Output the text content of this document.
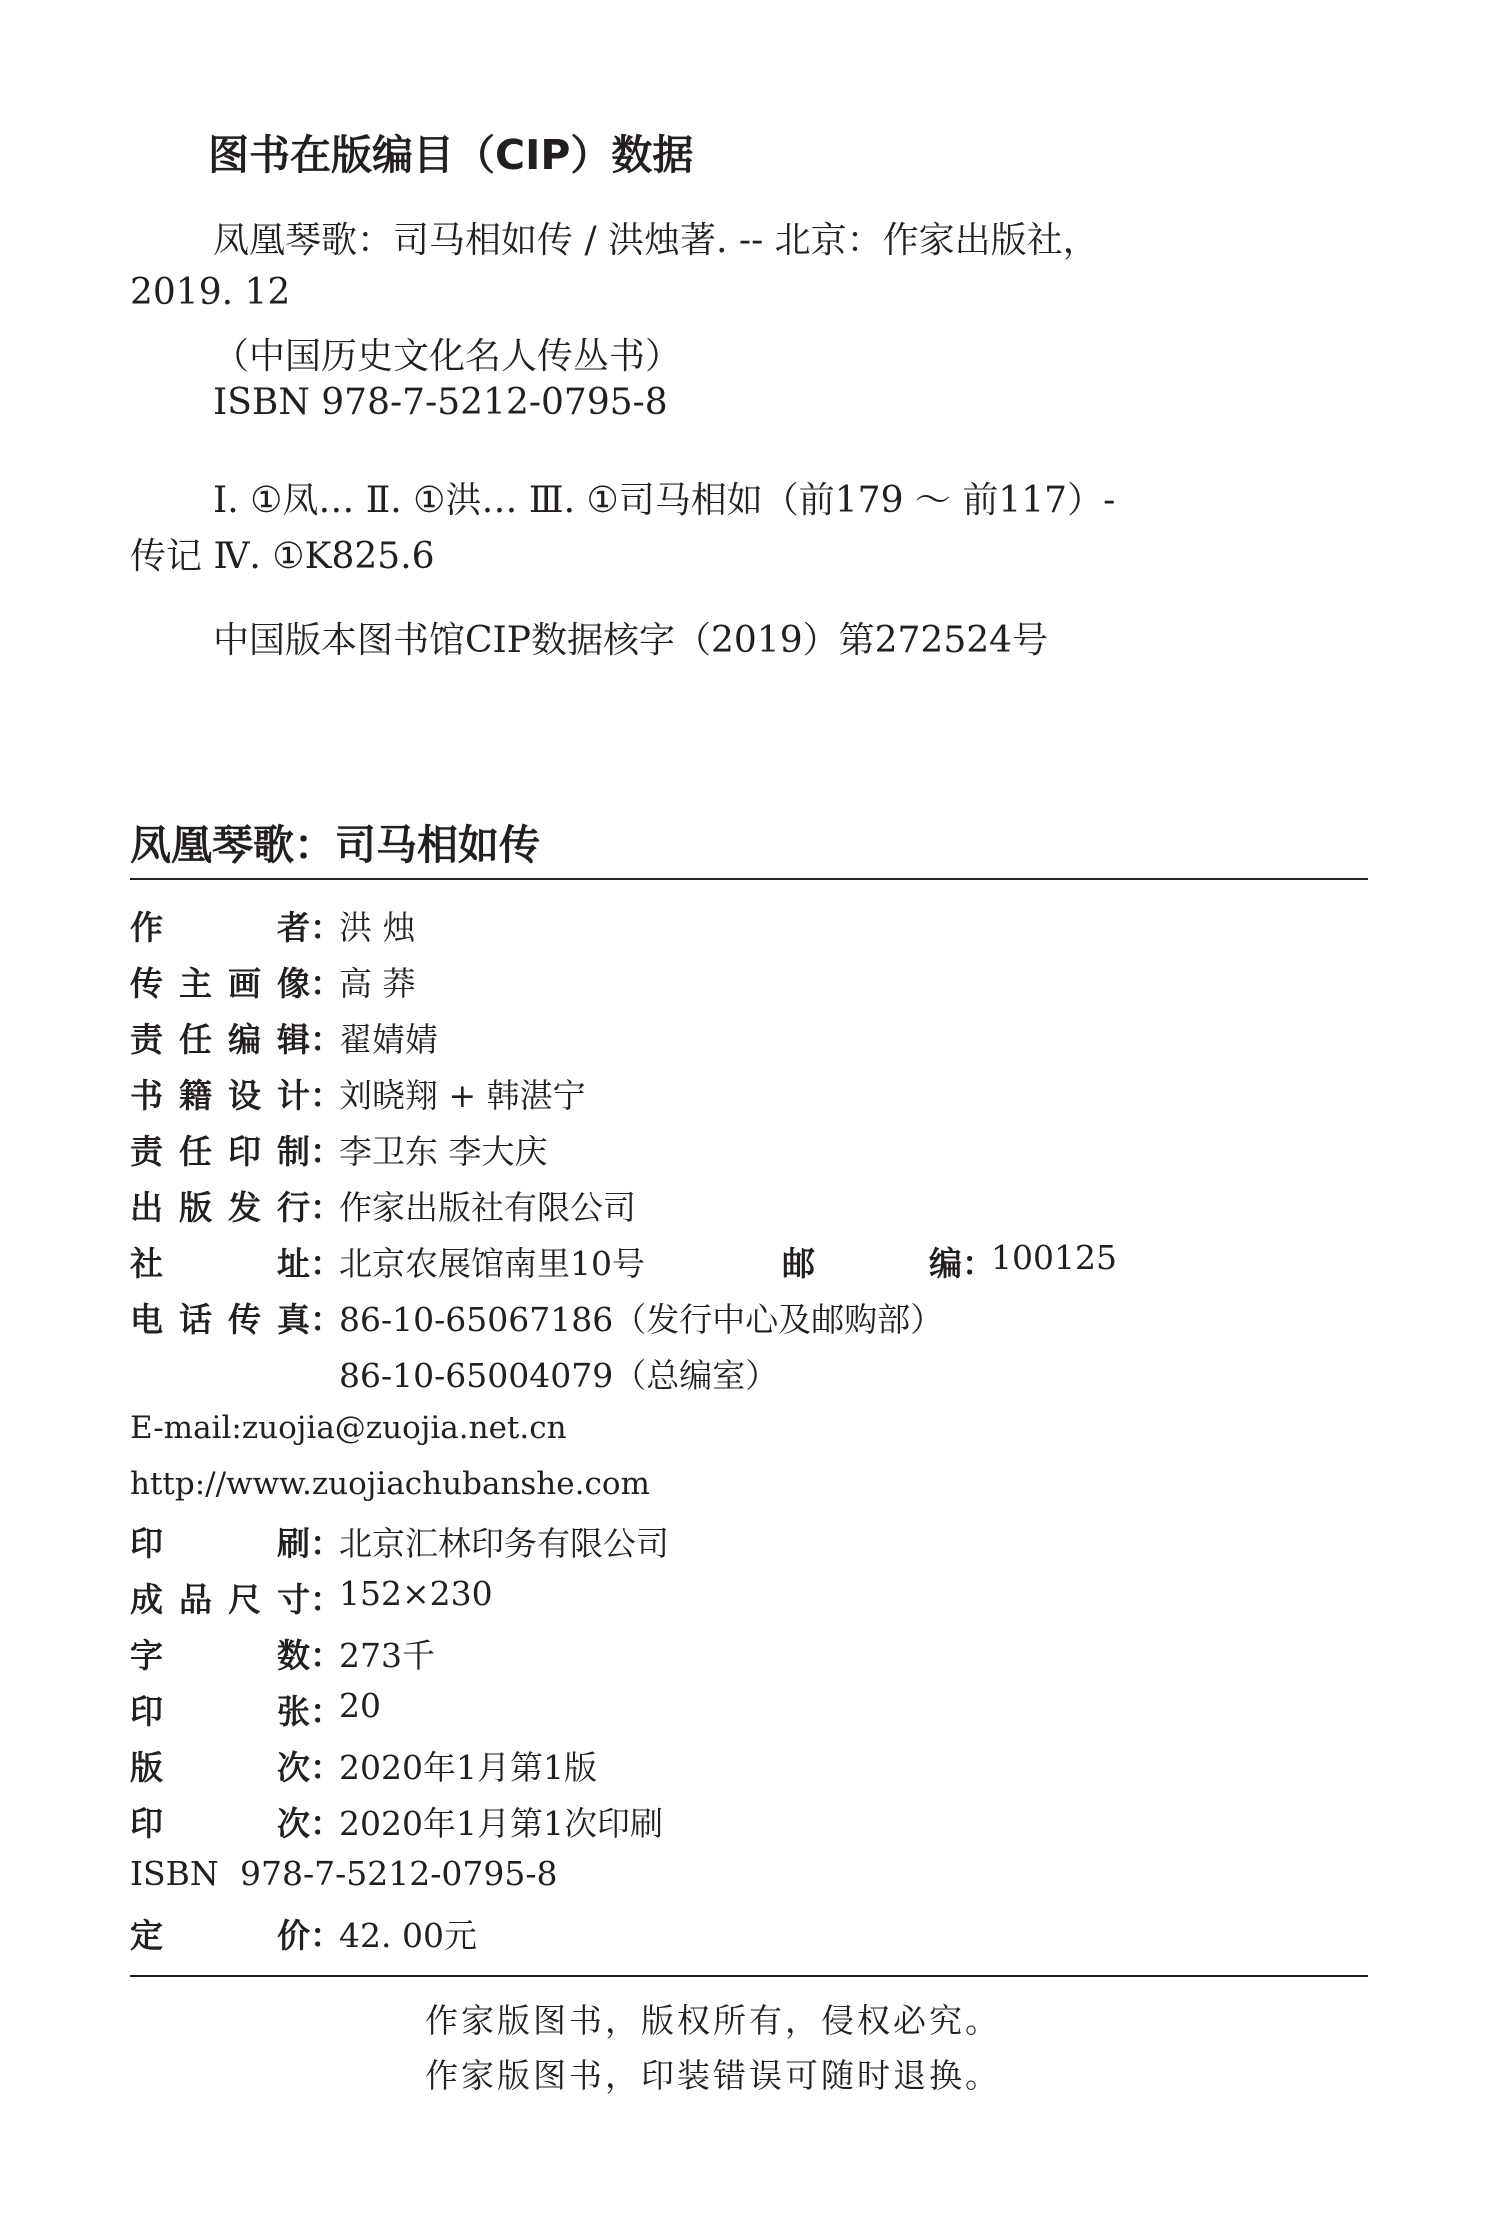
图书在版编目（CIP）数据
凤凰琴歌：司马相如传 / 洪烛著. -- 北京：作家出版社，
2019. 12
（中国历史文化名人传丛书）
ISBN 978-7-5212-0795-8
Ⅰ. ①凤… Ⅱ. ①洪… Ⅲ. ①司马相如（前179 ～ 前117）-
传记 Ⅳ. ①K825.6
中国版本图书馆CIP数据核字（2019）第272524号
凤凰琴歌：司马相如传
作者 ：
洪 烛
传主画像 ：
高 莽
责任编辑 ：
翟婧婧
书籍设计 ：
刘晓翔 + 韩湛宁
责任印制 ：
李卫东 李大庆
出版发行 ：
作家出版社有限公司
社址 ：
北京农展馆南里10号	邮编 ：
100125
电话传真 ：
86-10-65067186（发行中心及邮购部）
86-10-65004079（总编室）
E-mail:zuojia@zuojia.net.cn
http://www.zuojiachubanshe.com
印刷 ：
北京汇林印务有限公司
成品尺寸 ：
152×230
字数 ：
273千
印张 ：
20
版次 ：
2020年1月第1版
印次 ：
2020年1月第1次印刷
ISBN 978-7-5212-0795-8
定价 ：
42. 00元
作家版图书，版权所有，侵权必究。
作家版图书，印装错误可随时退换。
